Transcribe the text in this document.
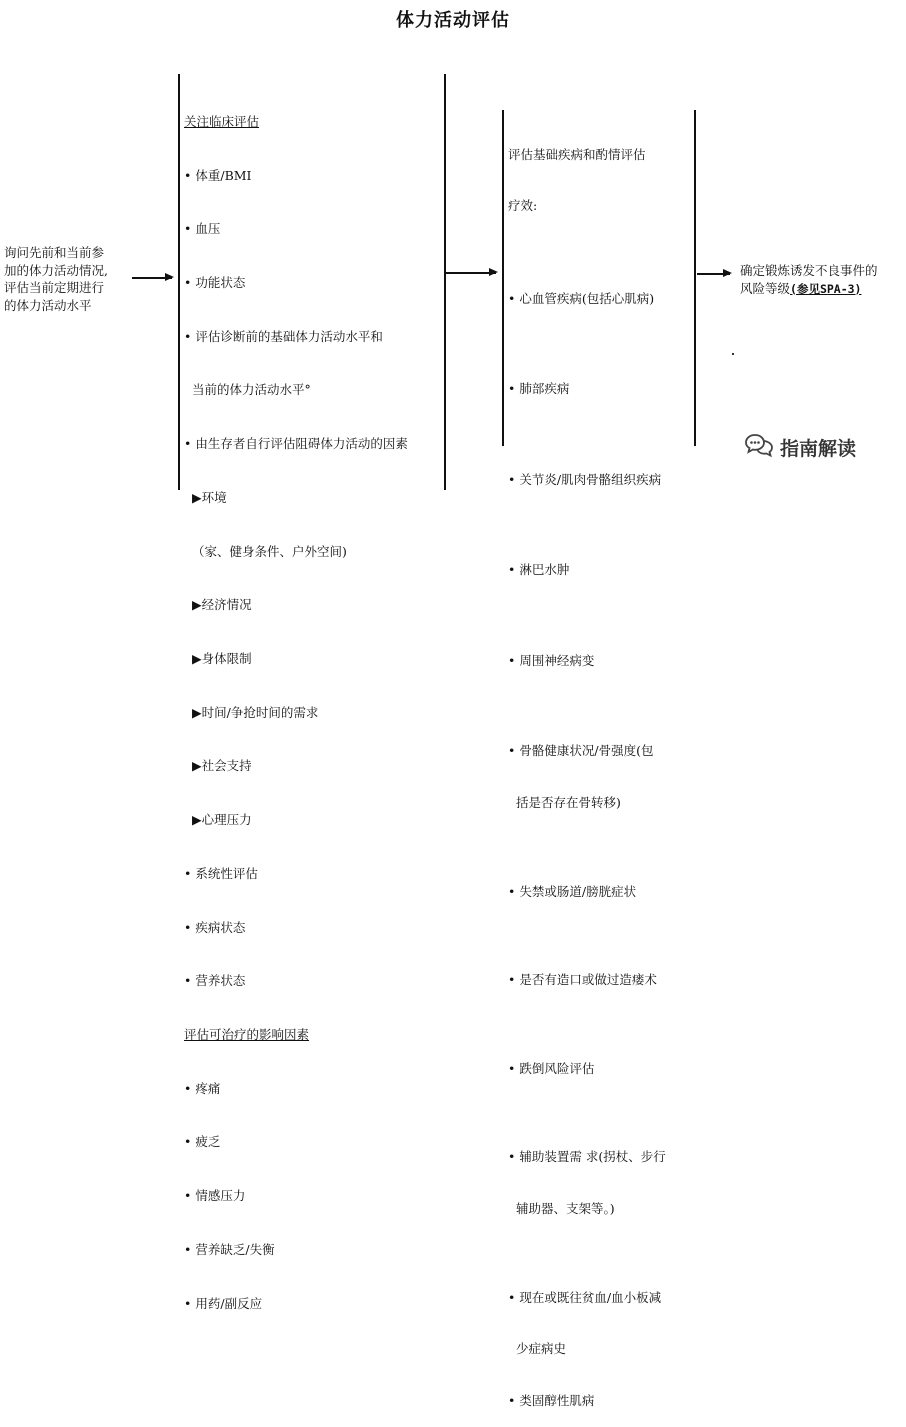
体力活动评估
询问先前和当前参
加的体力活动情况,
评估当前定期进行
的体力活动水平

关注临床评估

• 体重/BMI

• 血压

• 功能状态

• 评估诊断前的基础体力活动水平和

当前的体力活动水平°

• 由生存者自行评估阻碍体力活动的因素

▶环境

（家、健身条件、户外空间)

▶经济情况

▶身体限制

▶时间/争抢时间的需求

▶社会支持

▶心理压力

• 系统性评估

• 疾病状态

• 营养状态

评估可治疗的影响因素

• 疼痛

• 疲乏

• 情感压力

• 营养缺乏/失衡

• 用药/副反应

评估基础疾病和酌情评估

疗效:

• 心血管疾病(包括心肌病)

• 肺部疾病

• 关节炎/肌肉骨骼组织疾病

• 淋巴水肿

• 周围神经病变

• 骨骼健康状况/骨强度(包

括是否存在骨转移)

• 失禁或肠道/膀胱症状

• 是否有造口或做过造瘘术

• 跌倒风险评估

• 辅助装置需 求(拐杖、步行

辅助器、支架等。)

• 现在或既往贫血/血小板减

少症病史

• 类固醇性肌病

确定锻炼诱发不良事件的
风险等级(参见SPA-3)
指南解读
